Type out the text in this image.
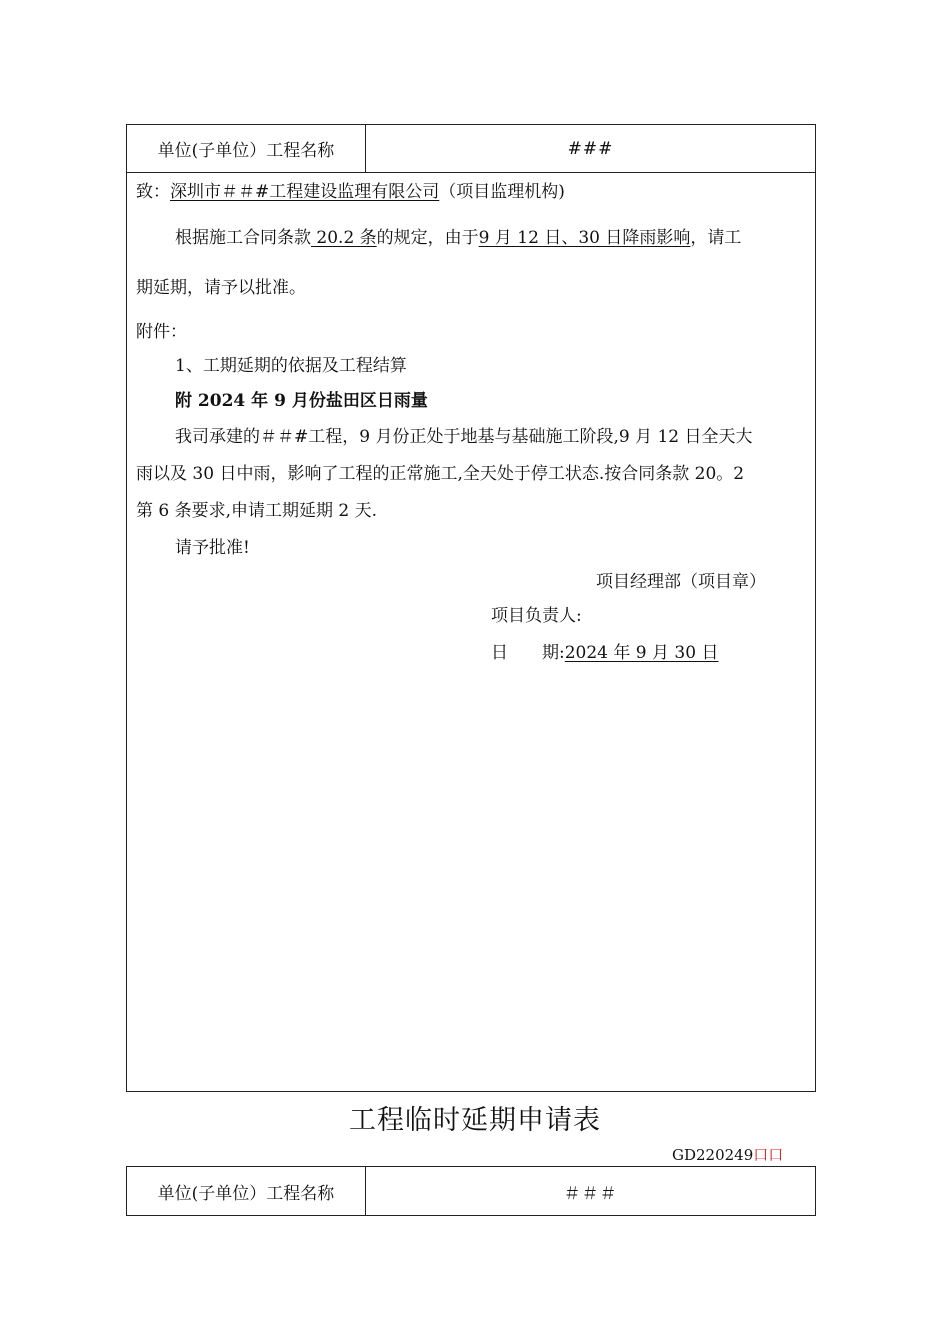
单位(子单位）工程名称	###
致：深圳市＃＃#工程建设监理有限公司（项目监理机构)
根据施工合同条款 20.2 条的规定，由于9 月 12 日、30 日降雨影响，请工
期延期，请予以批准。
附件：
1、工期延期的依据及工程结算
附 2024 年 9 月份盐田区日雨量
我司承建的＃＃#工程，9 月份正处于地基与基础施工阶段,9 月 12 日全天大
雨以及 30 日中雨，影响了工程的正常施工,全天处于停工状态.按合同条款 20。2
第 6 条要求,申请工期延期 2 天.
请予批准!
项目经理部（项目章）
项目负责人:
日　　期:2024 年 9 月 30 日
工程临时延期申请表
GD220249口口
单位(子单位）工程名称	＃＃＃
